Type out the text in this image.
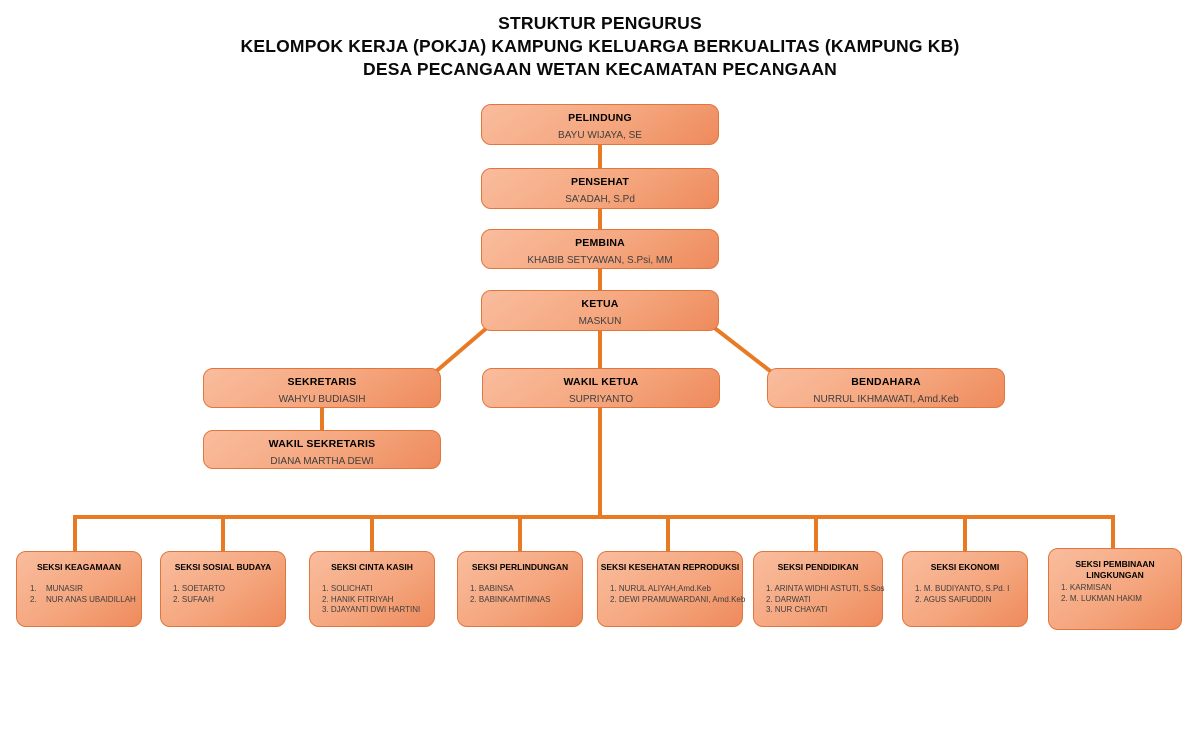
STRUKTUR PENGURUS
KELOMPOK KERJA (POKJA) KAMPUNG KELUARGA BERKUALITAS (KAMPUNG KB)
DESA PECANGAAN WETAN KECAMATAN PECANGAAN
PELINDUNG
BAYU WIJAYA, SE
PENSEHAT
SA’ADAH, S.Pd
PEMBINA
KHABIB SETYAWAN, S.Psi, MM
KETUA
MASKUN
SEKRETARIS
WAHYU BUDIASIH
WAKIL KETUA
SUPRIYANTO
BENDAHARA
NURRUL IKHMAWATI, Amd.Keb
WAKIL SEKRETARIS
DIANA MARTHA DEWI
SEKSI KEAGAMAAN
MUNASIR
NUR ANAS UBAIDILLAH
SEKSI SOSIAL BUDAYA
SOETARTO
SUFAAH
SEKSI CINTA KASIH
SOLICHATI
HANIK FITRIYAH
DJAYANTI DWI HARTINI
SEKSI PERLINDUNGAN
BABINSA
BABINKAMTIMNAS
SEKSI KESEHATAN REPRODUKSI
NURUL ALIYAH,Amd.Keb
DEWI PRAMUWARDANI, Amd.Keb
SEKSI PENDIDIKAN
ARINTA WIDHI ASTUTI, S.Sos
DARWATI
NUR CHAYATI
SEKSI EKONOMI
M. BUDIYANTO, S.Pd. I
AGUS SAIFUDDIN
SEKSI PEMBINAAN LINGKUNGAN
KARMISAN
M. LUKMAN HAKIM
